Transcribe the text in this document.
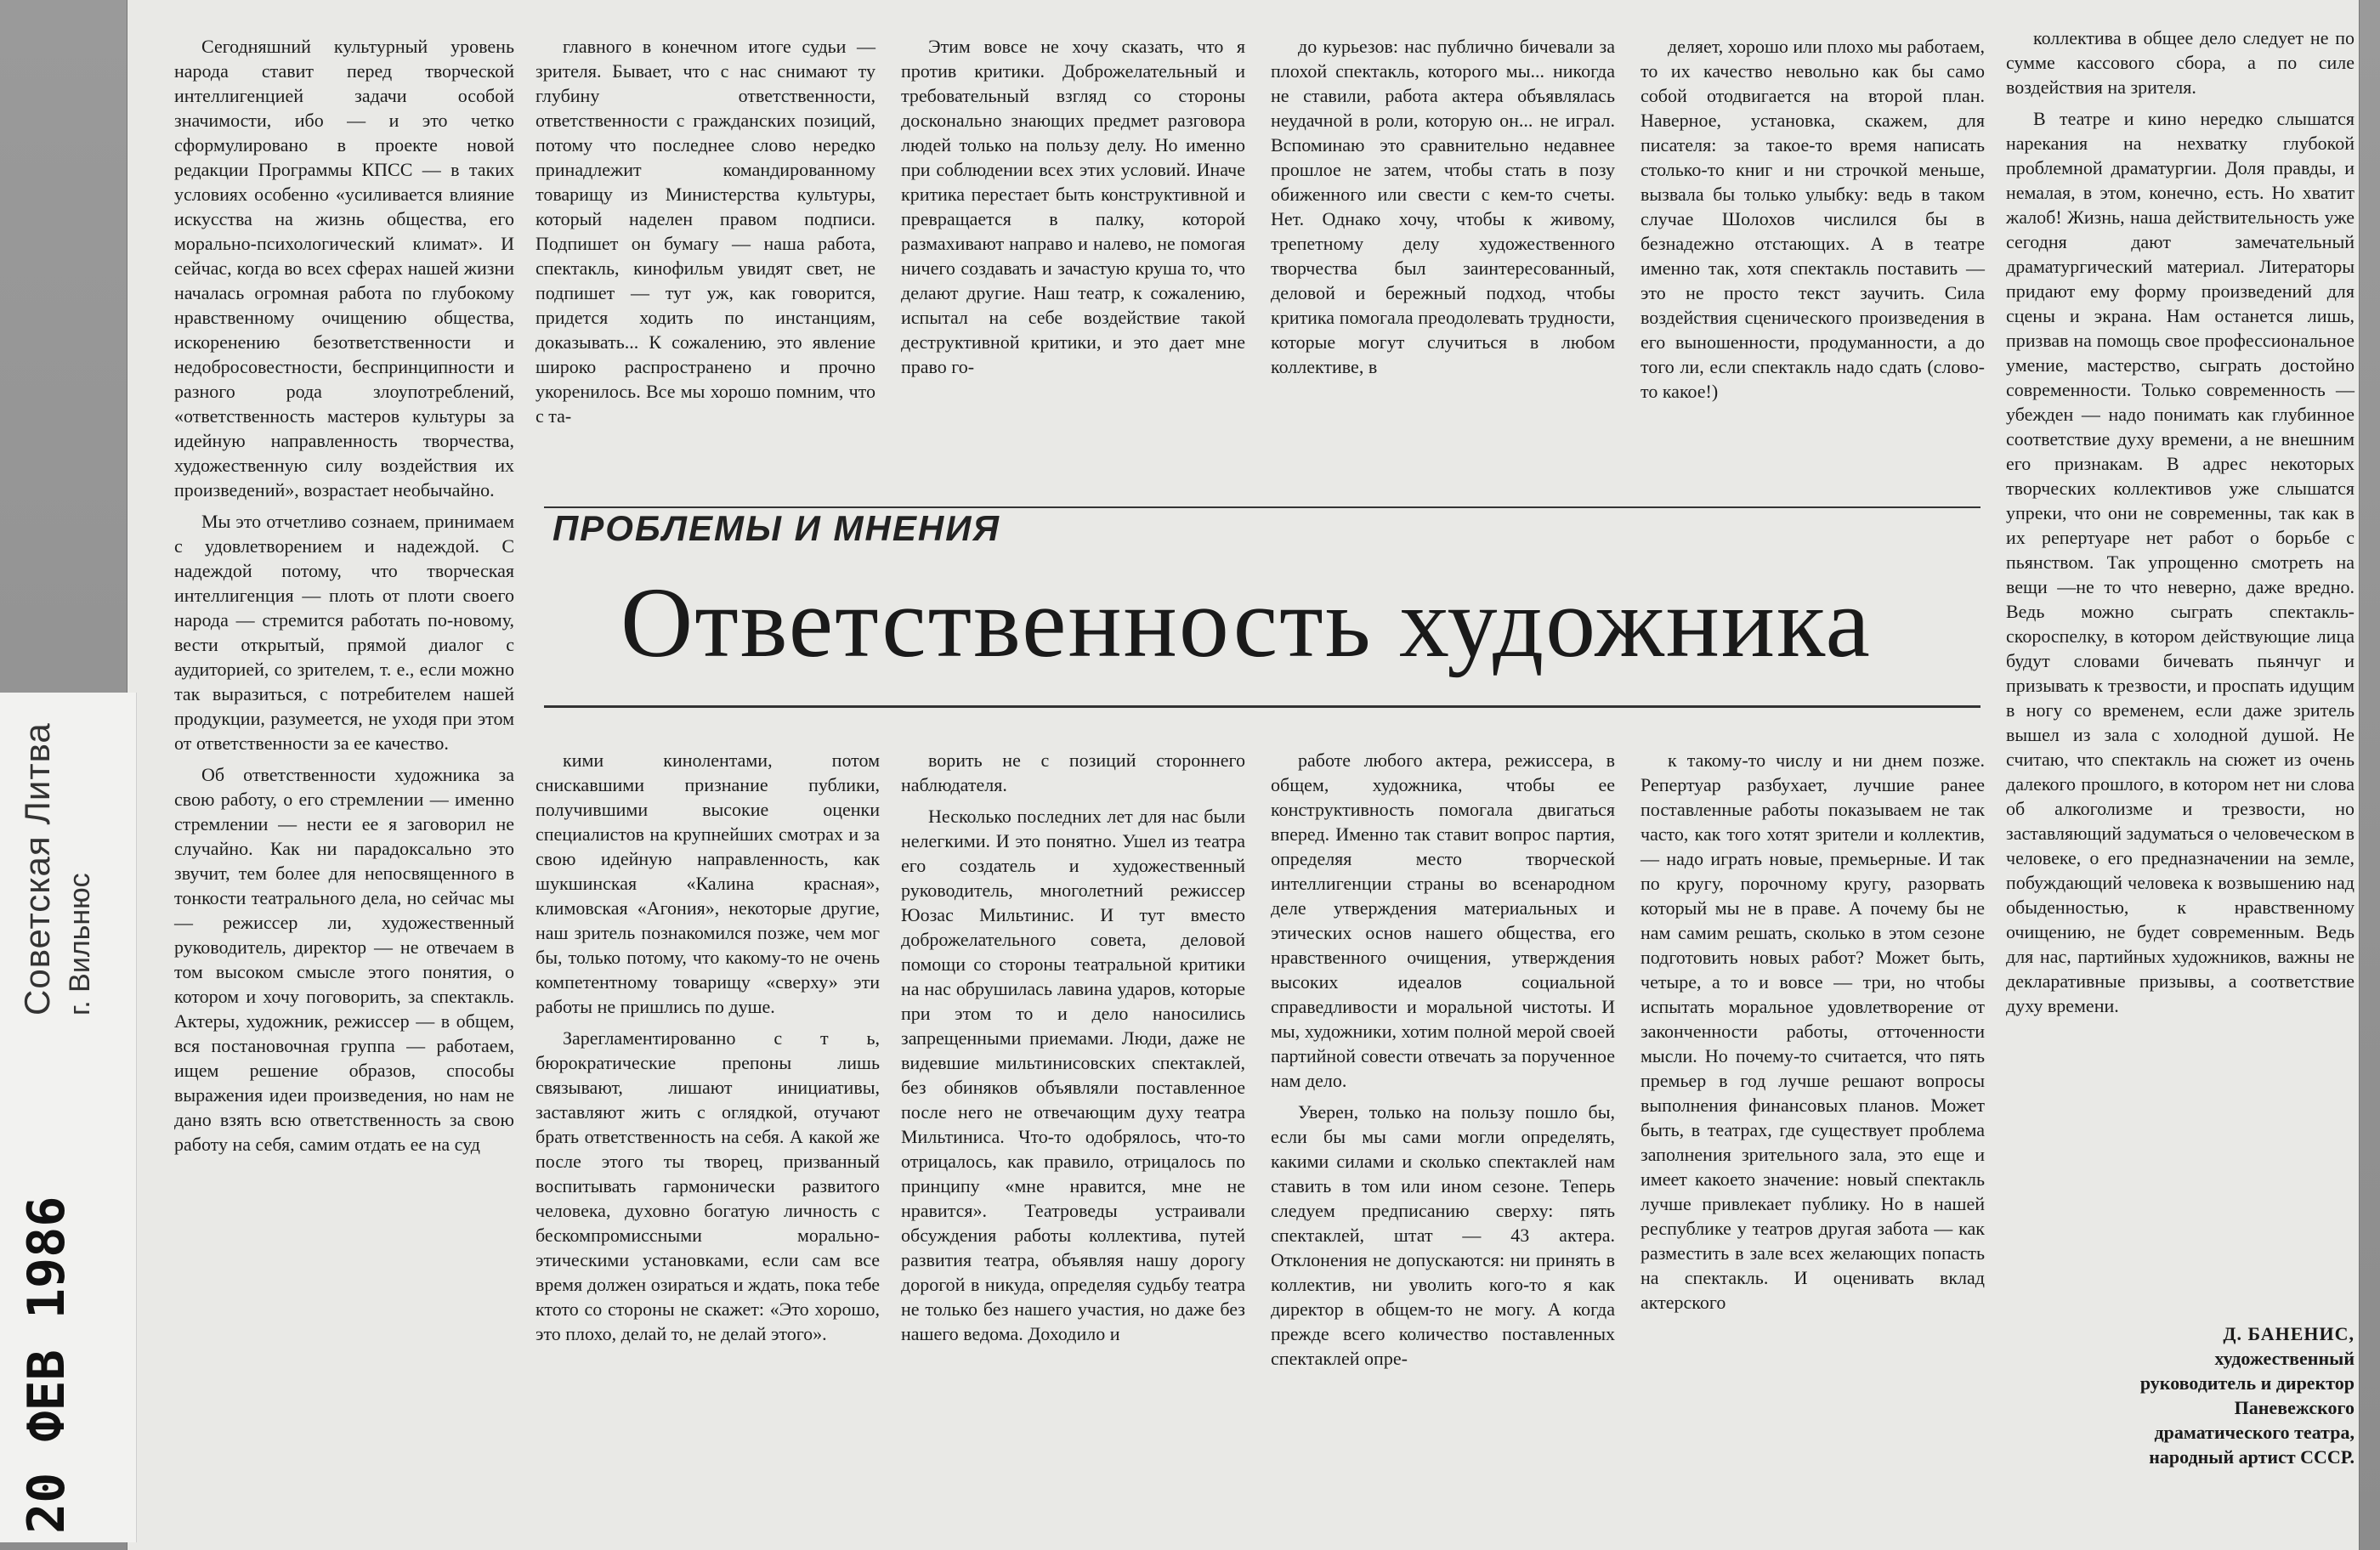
Советская Литва г. Вильнюс
20 ФЕВ 1986

Сегодняшний культурный уровень народа ставит перед творческой интеллигенцией задачи особой значимости, ибо — и это четко сформулировано в проекте новой редакции Программы КПСС — в таких условиях особенно «усиливается влияние искусства на жизнь общества, его морально-психологический климат». И сейчас, когда во всех сферах нашей жизни началась огромная работа по глубокому нравственному очищению общества, искоренению безответственности и недобросовестности, беспринципности и разного рода злоупотреблений, «ответственность мастеров культуры за идейную направленность творчества, художественную силу воздействия их произведений», возрастает необычайно.

Мы это отчетливо сознаем, принимаем с удовлетворением и надеждой. С надеждой потому, что творческая интеллигенция — плоть от плоти своего народа — стремится работать по-новому, вести открытый, прямой диалог с аудиторией, со зрителем, т. е., если можно так выразиться, с потребителем нашей продукции, разумеется, не уходя при этом от ответственности за ее качество.

Об ответственности художника за свою работу, о его стремлении — именно стремлении — нести ее я заговорил не случайно. Как ни парадоксально это звучит, тем более для непосвященного в тонкости театрального дела, но сейчас мы — режиссер ли, художественный руководитель, директор — не отвечаем в том высоком смысле этого понятия, о котором и хочу поговорить, за спектакль. Актеры, художник, режиссер — в общем, вся постановочная группа — работаем, ищем решение образов, способы выражения идеи произведения, но нам не дано взять всю ответственность за свою работу на себя, самим отдать ее на суд

главного в конечном итоге судьи — зрителя. Бывает, что с нас снимают ту глубину ответственности, ответственности с гражданских позиций, потому что последнее слово нередко принадлежит командированному товарищу из Министерства культуры, который наделен правом подписи. Подпишет он бумагу — наша работа, спектакль, кинофильм увидят свет, не подпишет — тут уж, как говорится, придется ходить по инстанциям, доказывать... К сожалению, это явление широко распространено и прочно укоренилось. Все мы хорошо помним, что с та-

Этим вовсе не хочу сказать, что я против критики. Доброжелательный и требовательный взгляд со стороны досконально знающих предмет разговора людей только на пользу делу. Но именно при соблюдении всех этих условий. Иначе критика перестает быть конструктивной и превращается в палку, которой размахивают направо и налево, не помогая ничего создавать и зачастую круша то, что делают другие. Наш театр, к сожалению, испытал на себе воздействие такой деструктивной критики, и это дает мне право го-

до курьезов: нас публично бичевали за плохой спектакль, которого мы... никогда не ставили, работа актера объявлялась неудачной в роли, которую он... не играл. Вспоминаю это сравнительно недавнее прошлое не затем, чтобы стать в позу обиженного или свести с кем-то счеты. Нет. Однако хочу, чтобы к живому, трепетному делу художественного творчества был заинтересованный, деловой и бережный подход, чтобы критика помогала преодолевать трудности, которые могут случиться в любом коллективе, в

деляет, хорошо или плохо мы работаем, то их качество невольно как бы само собой отодвигается на второй план. Наверное, установка, скажем, для писателя: за такое-то время написать столько-то книг и ни строчкой меньше, вызвала бы только улыбку: ведь в таком случае Шолохов числился бы в безнадежно отстающих. А в театре именно так, хотя спектакль поставить — это не просто текст заучить. Сила воздействия сценического произведения в его выношенности, продуманности, а до того ли, если спектакль надо сдать (слово-то какое!)

коллектива в общее дело следует не по сумме кассового сбора, а по силе воздействия на зрителя.

В театре и кино нередко слышатся нарекания на нехватку глубокой проблемной драматургии. Доля правды, и немалая, в этом, конечно, есть. Но хватит жалоб! Жизнь, наша действительность уже сегодня дают замечательный драматургический материал. Литераторы придают ему форму произведений для сцены и экрана. Нам останется лишь, призвав на помощь свое профессиональное умение, мастерство, сыграть достойно современности. Только современность — убежден — надо понимать как глубинное соответствие духу времени, а не внешним его признакам. В адрес некоторых творческих коллективов уже слышатся упреки, что они не современны, так как в их репертуаре нет работ о борьбе с пьянством. Так упрощенно смотреть на вещи —не то что неверно, даже вредно. Ведь можно сыграть спектакль-скороспелку, в котором действующие лица будут словами бичевать пьянчуг и призывать к трезвости, и проспать идущим в ногу со временем, если даже зритель вышел из зала с холодной душой. Не считаю, что спектакль на сюжет из очень далекого прошлого, в котором нет ни слова об алкоголизме и трезвости, но заставляющий задуматься о человеческом в человеке, о его предназначении на земле, побуждающий человека к возвышению над обыденностью, к нравственному очищению, не будет современным. Ведь для нас, партийных художников, важны не декларативные призывы, а соответствие духу времени.

ПРОБЛЕМЫ И МНЕНИЯ
Ответственность художника

кими кинолентами, потом снискавшими признание публики, получившими высокие оценки специалистов на крупнейших смотрах и за свою идейную направленность, как шукшинская «Калина красная», климовская «Агония», некоторые другие, наш зритель познакомился позже, чем мог бы, только потому, что какому-то не очень компетентному товарищу «сверху» эти работы не пришлись по душе.

Зарегламентированно с т ь, бюрократические препоны лишь связывают, лишают инициативы, заставляют жить с оглядкой, отучают брать ответственность на себя. А какой же после этого ты творец, призванный воспитывать гармонически развитого человека, духовно богатую личность с бескомпромиссными морально-этическими установками, если сам все время должен озираться и ждать, пока тебе ктото со стороны не скажет: «Это хорошо, это плохо, делай то, не делай этого».

ворить не с позиций стороннего наблюдателя.

Несколько последних лет для нас были нелегкими. И это понятно. Ушел из театра его создатель и художественный руководитель, многолетний режиссер Юозас Мильтинис. И тут вместо доброжелательного совета, деловой помощи со стороны театральной критики на нас обрушилась лавина ударов, которые при этом то и дело наносились запрещенными приемами. Люди, даже не видевшие мильтинисовских спектаклей, без обиняков объявляли поставленное после него не отвечающим духу театра Мильтиниса. Что-то одобрялось, что-то отрицалось, как правило, отрицалось по принципу «мне нравится, мне не нравится». Театроведы устраивали обсуждения работы коллектива, путей развития театра, объявляя нашу дорогу дорогой в никуда, определяя судьбу театра не только без нашего участия, но даже без нашего ведома. Доходило и

работе любого актера, режиссера, в общем, художника, чтобы ее конструктивность помогала двигаться вперед. Именно так ставит вопрос партия, определяя место творческой интеллигенции страны во всенародном деле утверждения материальных и этических основ нашего общества, его нравственного очищения, утверждения высоких идеалов социальной справедливости и моральной чистоты. И мы, художники, хотим полной мерой своей партийной совести отвечать за порученное нам дело.

Уверен, только на пользу пошло бы, если бы мы сами могли определять, какими силами и сколько спектаклей нам ставить в том или ином сезоне. Теперь следуем предписанию сверху: пять спектаклей, штат — 43 актера. Отклонения не допускаются: ни принять в коллектив, ни уволить кого-то я как директор в общем-то не могу. А когда прежде всего количество поставленных спектаклей опре-

к такому-то числу и ни днем позже. Репертуар разбухает, лучшие ранее поставленные работы показываем не так часто, как того хотят зрители и коллектив, — надо играть новые, премьерные. И так по кругу, порочному кругу, разорвать который мы не в праве. А почему бы не нам самим решать, сколько в этом сезоне подготовить новых работ? Может быть, четыре, а то и вовсе — три, но чтобы испытать моральное удовлетворение от законченности работы, отточенности мысли. Но почему-то считается, что пять премьер в год лучше решают вопросы выполнения финансовых планов. Может быть, в театрах, где существует проблема заполнения зрительного зала, это еще и имеет какоето значение: новый спектакль лучше привлекает публику. Но в нашей республике у театров другая забота — как разместить в зале всех желающих попасть на спектакль. И оценивать вклад актерского

Д. БАНЕНИС,
художественный
руководитель и директор
Паневежского
драматического театра,
народный артист СССР.
